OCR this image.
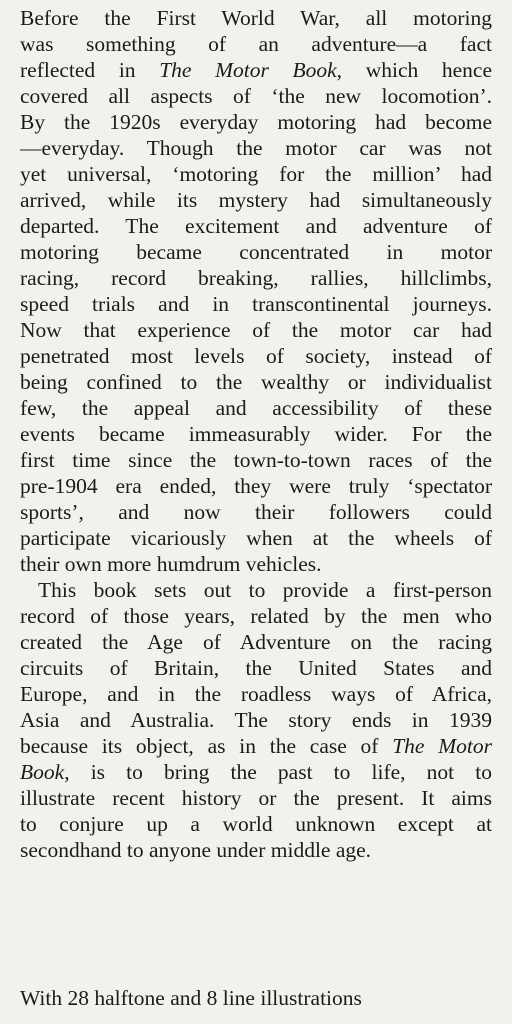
Before the First World War, all motoring
was something of an adventure—a fact
reflected in The Motor Book, which hence
covered all aspects of ‘the new locomotion’.
By the 1920s everyday motoring had become
—everyday. Though the motor car was not
yet universal, ‘motoring for the million’ had
arrived, while its mystery had simultaneously
departed. The excitement and adventure of
motoring became concentrated in motor
racing, record breaking, rallies, hillclimbs,
speed trials and in transcontinental journeys.
Now that experience of the motor car had
penetrated most levels of society, instead of
being confined to the wealthy or individualist
few, the appeal and accessibility of these
events became immeasurably wider. For the
first time since the town-to-town races of the
pre-1904 era ended, they were truly ‘spectator
sports’, and now their followers could
participate vicariously when at the wheels of
their own more humdrum vehicles.
This book sets out to provide a first-person
record of those years, related by the men who
created the Age of Adventure on the racing
circuits of Britain, the United States and
Europe, and in the roadless ways of Africa,
Asia and Australia. The story ends in 1939
because its object, as in the case of The Motor
Book, is to bring the past to life, not to
illustrate recent history or the present. It aims
to conjure up a world unknown except at
secondhand to anyone under middle age.
With 28 halftone and 8 line illustrations
